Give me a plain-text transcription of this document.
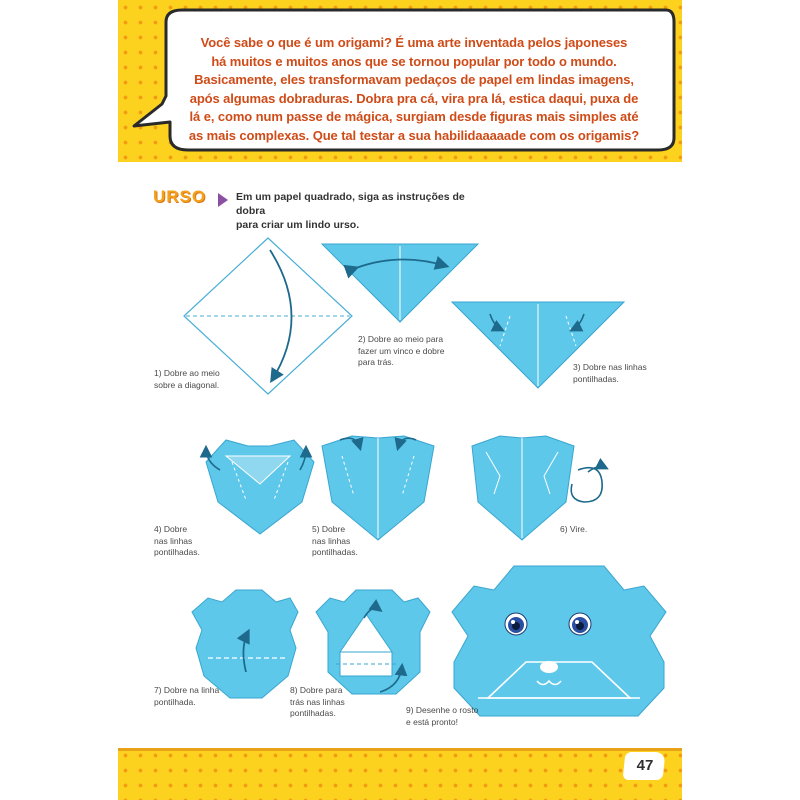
Você sabe o que é um origami? É uma arte inventada pelos japoneses
há muitos e muitos anos que se tornou popular por todo o mundo.
Basicamente, eles transformavam pedaços de papel em lindas imagens,
após algumas dobraduras. Dobra pra cá, vira pra lá, estica daqui, puxa de
lá e, como num passe de mágica, surgiam desde figuras mais simples até
as mais complexas. Que tal testar a sua habilidaaaaade com os origamis?
URSO	Em um papel quadrado, siga as instruções de dobra
para criar um lindo urso.
1) Dobre ao meio
sobre a diagonal.
2) Dobre ao meio para
fazer um vinco e dobre
para trás.	3) Dobre nas linhas
pontilhadas.
4) Dobre
nas linhas
pontilhadas.
5) Dobre
nas linhas
pontilhadas.
6) Vire.
7) Dobre na linha
pontilhada.
8) Dobre para
trás nas linhas
pontilhadas.	9) Desenhe o rosto
e está pronto!
47
